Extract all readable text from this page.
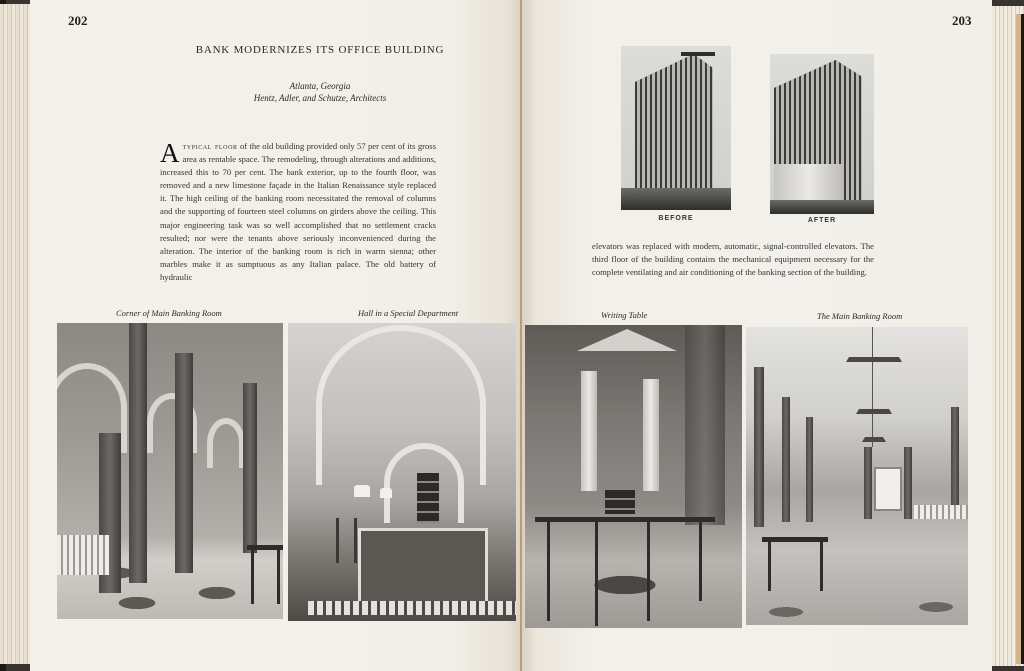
202
BANK MODERNIZES ITS OFFICE BUILDING
Atlanta, Georgia
Hentz, Adler, and Schutze, Architects
Atypical floor of the old building provided only 57 per cent of its gross area as rentable space. The remodeling, through alterations and additions, increased this to 70 per cent. The bank exterior, up to the fourth floor, was removed and a new limestone façade in the Italian Renaissance style replaced it. The high ceiling of the banking room necessitated the removal of columns and the supporting of fourteen steel columns on girders above the ceiling. This major engineering task was so well accomplished that no settlement cracks resulted; nor were the tenants above seriously inconvenienced during the alteration. The interior of the banking room is rich in warm sienna; other marbles make it as sumptuous as any Italian palace. The old battery of hydraulic
Corner of Main Banking Room	Hall in a Special Department
203
BEFORE	AFTER
elevators was replaced with modern, automatic, signal-controlled elevators. The third floor of the building contains the mechanical equipment necessary for the complete ventilating and air conditioning of the banking section of the building.
Writing Table	The Main Banking Room
